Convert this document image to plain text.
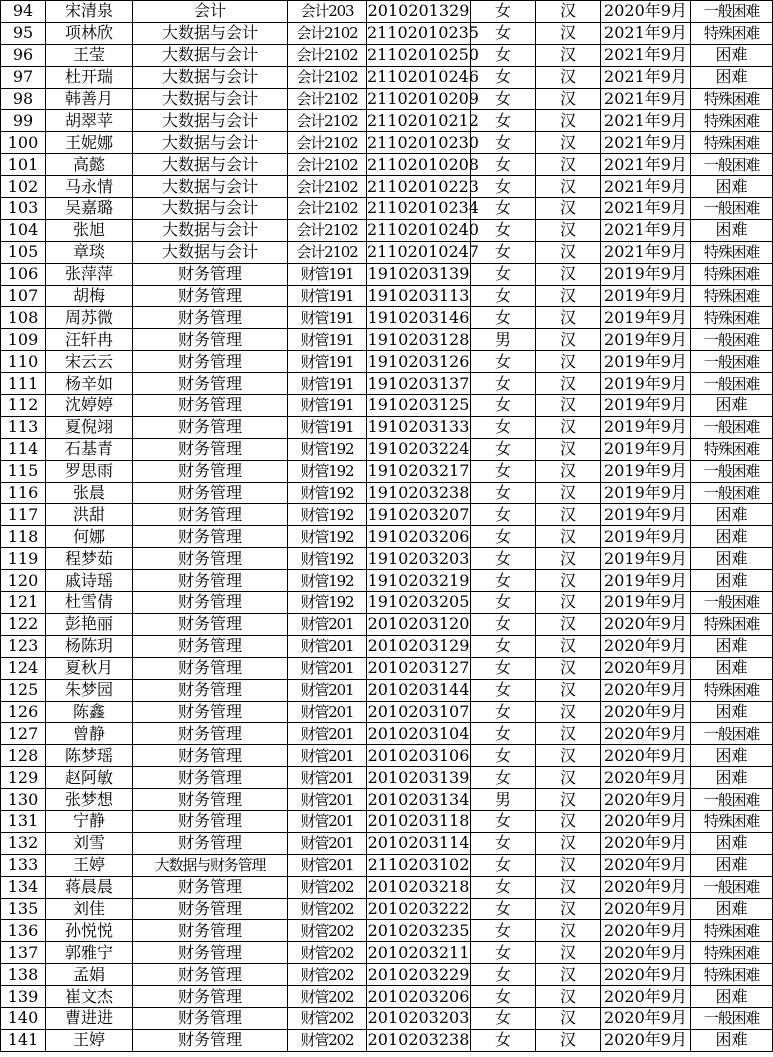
94	宋清泉	会计	会计203	2010201329	女	汉	2020年9月	一般困难
95	项林欣	大数据与会计	会计2102	21102010235	女	汉	2021年9月	特殊困难
96	王莹	大数据与会计	会计2102	21102010250	女	汉	2021年9月	困难
97	杜开瑞	大数据与会计	会计2102	21102010246	女	汉	2021年9月	困难
98	韩善月	大数据与会计	会计2102	21102010209	女	汉	2021年9月	特殊困难
99	胡翠苹	大数据与会计	会计2102	21102010212	女	汉	2021年9月	特殊困难
100	王妮娜	大数据与会计	会计2102	21102010230	女	汉	2021年9月	特殊困难
101	高懿	大数据与会计	会计2102	21102010208	女	汉	2021年9月	一般困难
102	马永情	大数据与会计	会计2102	21102010223	女	汉	2021年9月	困难
103	吴嘉璐	大数据与会计	会计2102	21102010234	女	汉	2021年9月	一般困难
104	张旭	大数据与会计	会计2102	21102010240	女	汉	2021年9月	困难
105	章琰	大数据与会计	会计2102	21102010247	女	汉	2021年9月	特殊困难
106	张萍萍	财务管理	财管191	1910203139	女	汉	2019年9月	特殊困难
107	胡梅	财务管理	财管191	1910203113	女	汉	2019年9月	特殊困难
108	周苏微	财务管理	财管191	1910203146	女	汉	2019年9月	特殊困难
109	汪轩冉	财务管理	财管191	1910203128	男	汉	2019年9月	一般困难
110	宋云云	财务管理	财管191	1910203126	女	汉	2019年9月	一般困难
111	杨辛如	财务管理	财管191	1910203137	女	汉	2019年9月	一般困难
112	沈婷婷	财务管理	财管191	1910203125	女	汉	2019年9月	困难
113	夏倪翊	财务管理	财管191	1910203133	女	汉	2019年9月	一般困难
114	石基青	财务管理	财管192	1910203224	女	汉	2019年9月	特殊困难
115	罗思雨	财务管理	财管192	1910203217	女	汉	2019年9月	一般困难
116	张晨	财务管理	财管192	1910203238	女	汉	2019年9月	一般困难
117	洪甜	财务管理	财管192	1910203207	女	汉	2019年9月	困难
118	何娜	财务管理	财管192	1910203206	女	汉	2019年9月	困难
119	程梦茹	财务管理	财管192	1910203203	女	汉	2019年9月	困难
120	戚诗瑶	财务管理	财管192	1910203219	女	汉	2019年9月	困难
121	杜雪倩	财务管理	财管192	1910203205	女	汉	2019年9月	一般困难
122	彭艳丽	财务管理	财管201	2010203120	女	汉	2020年9月	特殊困难
123	杨陈玥	财务管理	财管201	2010203129	女	汉	2020年9月	困难
124	夏秋月	财务管理	财管201	2010203127	女	汉	2020年9月	困难
125	朱梦园	财务管理	财管201	2010203144	女	汉	2020年9月	特殊困难
126	陈鑫	财务管理	财管201	2010203107	女	汉	2020年9月	困难
127	曾静	财务管理	财管201	2010203104	女	汉	2020年9月	一般困难
128	陈梦瑶	财务管理	财管201	2010203106	女	汉	2020年9月	困难
129	赵阿敏	财务管理	财管201	2010203139	女	汉	2020年9月	困难
130	张梦想	财务管理	财管201	2010203134	男	汉	2020年9月	一般困难
131	宁静	财务管理	财管201	2010203118	女	汉	2020年9月	特殊困难
132	刘雪	财务管理	财管201	2010203114	女	汉	2020年9月	困难
133	王婷	大数据与财务管理	财管201	2110203102	女	汉	2020年9月	困难
134	蒋晨晨	财务管理	财管202	2010203218	女	汉	2020年9月	一般困难
135	刘佳	财务管理	财管202	2010203222	女	汉	2020年9月	困难
136	孙悦悦	财务管理	财管202	2010203235	女	汉	2020年9月	特殊困难
137	郭雅宁	财务管理	财管202	2010203211	女	汉	2020年9月	特殊困难
138	孟娟	财务管理	财管202	2010203229	女	汉	2020年9月	特殊困难
139	崔文杰	财务管理	财管202	2010203206	女	汉	2020年9月	困难
140	曹进进	财务管理	财管202	2010203203	女	汉	2020年9月	一般困难
141	王婷	财务管理	财管202	2010203238	女	汉	2020年9月	困难
